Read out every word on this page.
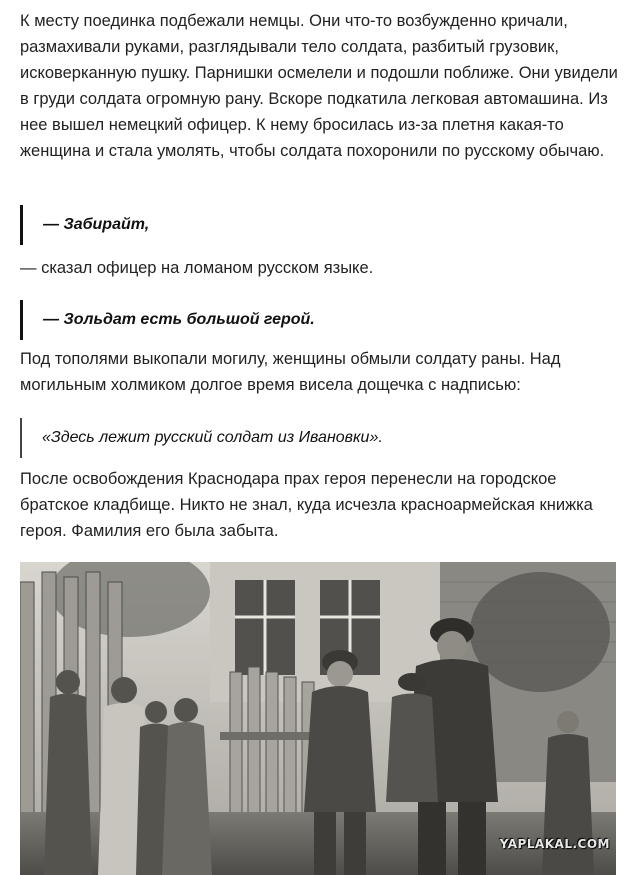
К месту поединка подбежали немцы. Они что-то возбужденно кричали, размахивали руками, разглядывали тело солдата, разбитый грузовик, исковерканную пушку. Парнишки осмелели и подошли поближе. Они увидели в груди солдата огромную рану. Вскоре подкатила легковая автомашина. Из нее вышел немецкий офицер. К нему бросилась из-за плетня какая-то женщина и стала умолять, чтобы солдата похоронили по русскому обычаю.

— Забирайт,

— сказал офицер на ломаном русском языке.

— Зольдат есть большой герой.

Под тополями выкопали могилу, женщины обмыли солдату раны. Над могильным холмиком долгое время висела дощечка с надписью:

«Здесь лежит русский солдат из Ивановки».

После освобождения Краснодара прах героя перенесли на городское братское кладбище. Никто не знал, куда исчезла красноармейская книжка героя. Фамилия его была забыта.

YAPLAKAL.COM
